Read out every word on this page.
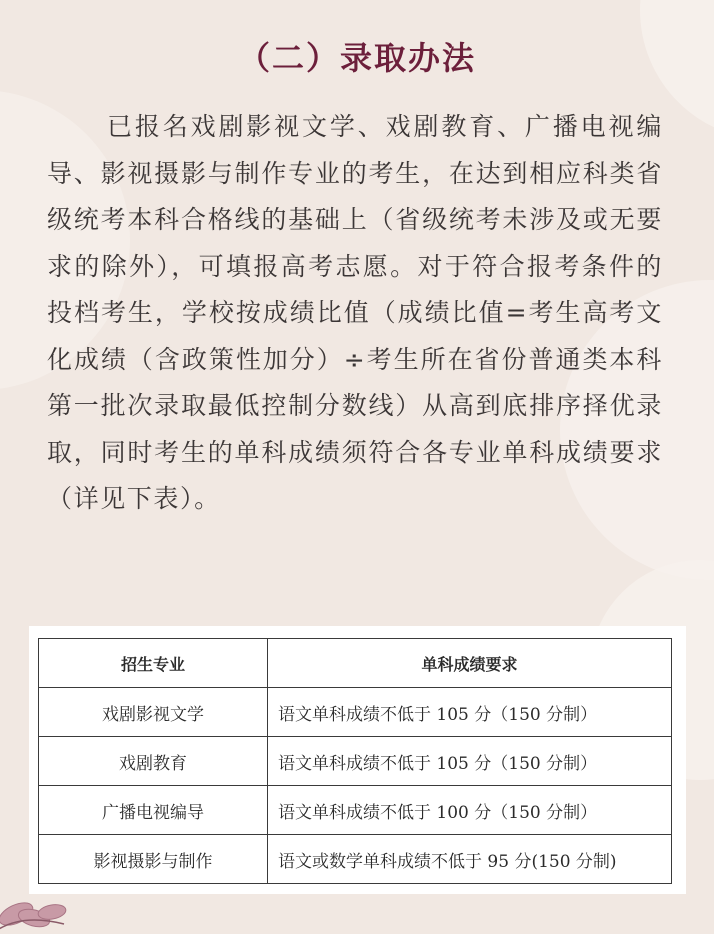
（二）录取办法

已报名戏剧影视文学、戏剧教育、广播电视编导、影视摄影与制作专业的考生，在达到相应科类省级统考本科合格线的基础上（省级统考未涉及或无要求的除外），可填报高考志愿。对于符合报考条件的投档考生，学校按成绩比值（成绩比值=考生高考文化成绩（含政策性加分）÷考生所在省份普通类本科第一批次录取最低控制分数线）从高到底排序择优录取，同时考生的单科成绩须符合各专业单科成绩要求（详见下表）。

招生专业	单科成绩要求
戏剧影视文学	语文单科成绩不低于 105 分（150 分制）
戏剧教育	语文单科成绩不低于 105 分（150 分制）
广播电视编导	语文单科成绩不低于 100 分（150 分制）
影视摄影与制作	语文或数学单科成绩不低于 95 分(150 分制)
